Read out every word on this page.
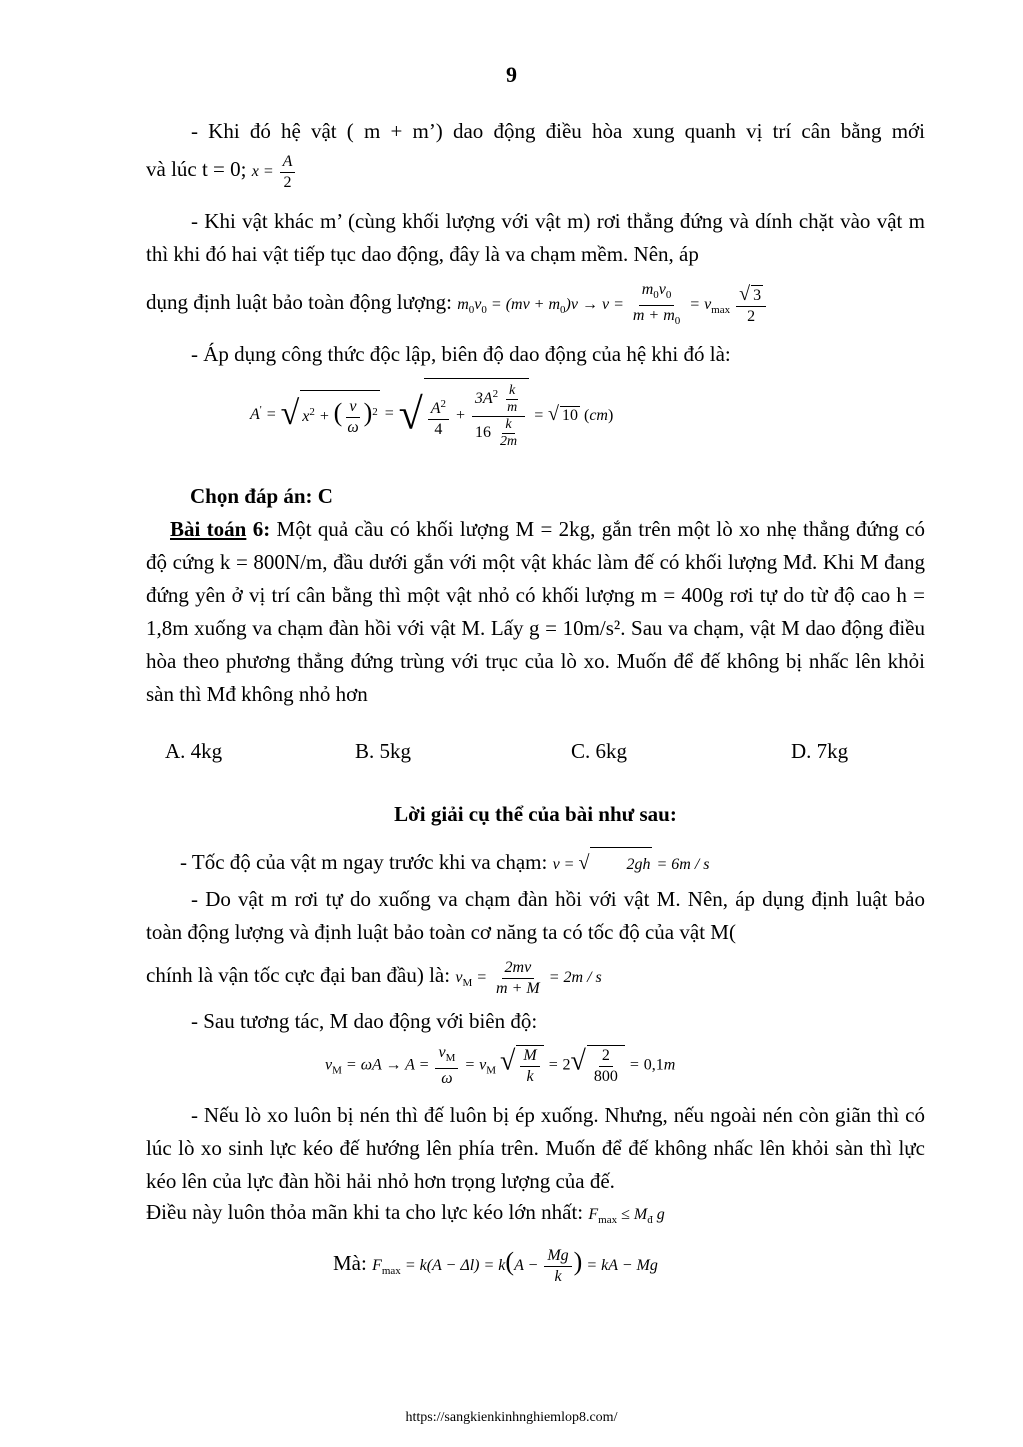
9
- Khi đó hệ vật ( m + m’) dao động điều hòa xung quanh vị trí cân bằng mới
và lúc t = 0; $x = \frac{A}{2}$
- Khi vật khác m’ (cùng khối lượng với vật m) rơi thẳng đứng và dính chặt vào vật m thì khi đó hai vật tiếp tục dao động, đây là va chạm mềm. Nên, áp
dụng định luật bảo toàn động lượng: $m_0v_0 = (mv + m_0)v \to v = \frac{m_0v_0}{m + m_0} = v_{max} \frac{√ 3}{2}$
- Áp dụng công thức độc lập, biên độ dao động của hệ khi đó là:
A' = √ $x^2$ + ( $\frac{v}{\omega} )^2$ = √ $\frac{A^2}{4} + \frac{3A^2 \frac{k}{m}}{16 \frac{k}{2m}}$ = √ 10 (cm)
Chọn đáp án: C
Bài toán 6: Một quả cầu có khối lượng M = 2kg, gắn trên một lò xo nhẹ thẳng đứng có độ cứng k = 800N/m, đầu dưới gắn với một vật khác làm đế có khối lượng Mđ. Khi M đang đứng yên ở vị trí cân bằng thì một vật nhỏ có khối lượng m = 400g rơi tự do từ độ cao h = 1,8m xuống va chạm đàn hồi với vật M. Lấy g = 10m/s². Sau va chạm, vật M dao động điều hòa theo phương thẳng đứng trùng với trục của lò xo. Muốn để đế không bị nhấc lên khỏi sàn thì Mđ không nhỏ hơn
A. 4kg	B. 5kg	C. 6kg	D. 7kg
Lời giải cụ thể của bài như sau:
- Tốc độ của vật m ngay trước khi va chạm: v = √ 2gh = 6m / s
- Do vật m rơi tự do xuống va chạm đàn hồi với vật M. Nên, áp dụng định luật bảo toàn động lượng và định luật bảo toàn cơ năng ta có tốc độ của vật M(
chính là vận tốc cực đại ban đầu) là: $v_M = \frac{2mv}{m + M} = 2m / s$
- Sau tương tác, M dao động với biên độ:
$v_M = \omega A \to A = \frac{v_M}{\omega} = v_M$ √ $\frac{M}{k} = 2√ \frac{2}{800} = 0,1m$
- Nếu lò xo luôn bị nén thì đế luôn bị ép xuống. Nhưng, nếu ngoài nén còn giãn thì có lúc lò xo sinh lực kéo đế hướng lên phía trên. Muốn để đế không nhấc lên khỏi sàn thì lực kéo lên của lực đàn hồi hải nhỏ hơn trọng lượng của đế.
Điều này luôn thỏa mãn khi ta cho lực kéo lớn nhất: $F_{max} \le M_đ$ g
Mà: $F_{max} = k(A - \Delta l) = k(A - \frac{Mg}{k}$ ) = kA − Mg
https://sangkienkinhnghiemlop8.com/
